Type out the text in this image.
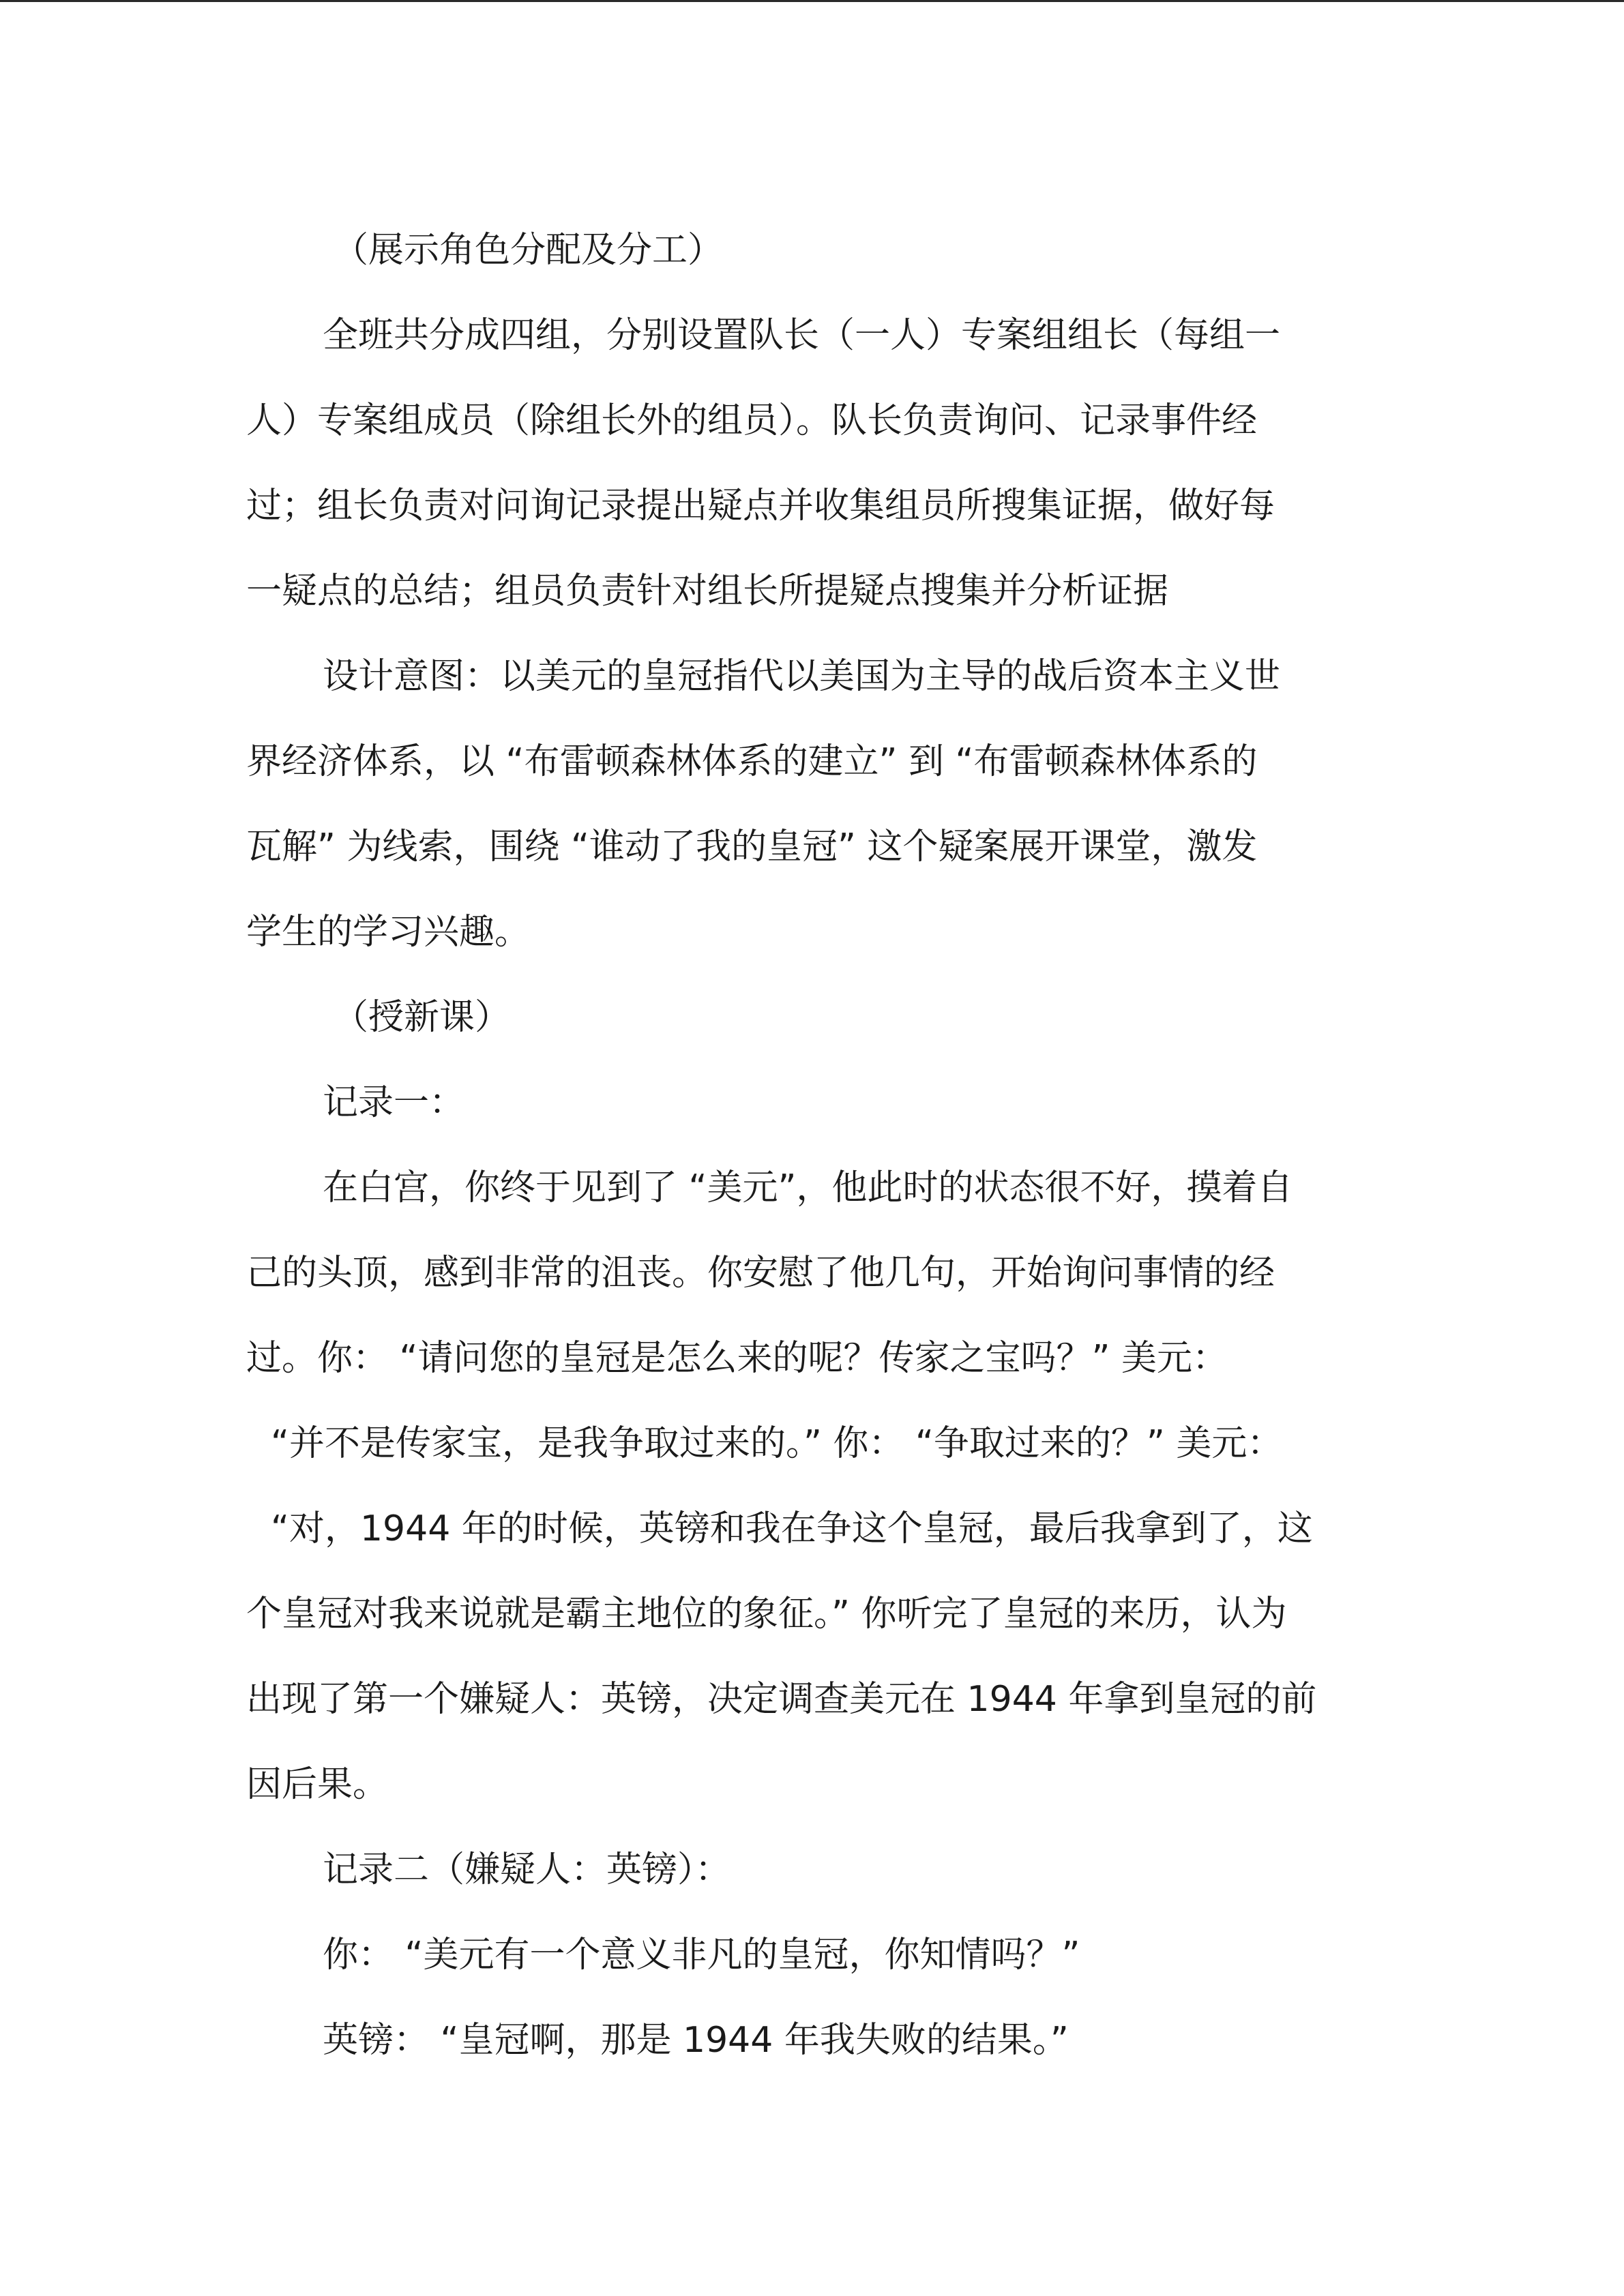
（展示角色分配及分工）
全班共分成四组，分别设置队长（一人）专案组组长（每组一
人）专案组成员（除组长外的组员）。队长负责询问、记录事件经
过；组长负责对问询记录提出疑点并收集组员所搜集证据，做好每
一疑点的总结；组员负责针对组长所提疑点搜集并分析证据
设计意图：以美元的皇冠指代以美国为主导的战后资本主义世
界经济体系，以 “布雷顿森林体系的建立” 到 “布雷顿森林体系的
瓦解” 为线索，围绕 “谁动了我的皇冠” 这个疑案展开课堂，激发
学生的学习兴趣。
（授新课）
记录一：
在白宫，你终于见到了 “美元”，他此时的状态很不好，摸着自
己的头顶，感到非常的沮丧。你安慰了他几句，开始询问事情的经
过。你： “请问您的皇冠是怎么来的呢？传家之宝吗？” 美元：
“并不是传家宝，是我争取过来的。” 你： “争取过来的？” 美元：
“对，1944 年的时候，英镑和我在争这个皇冠，最后我拿到了，这
个皇冠对我来说就是霸主地位的象征。” 你听完了皇冠的来历，认为
出现了第一个嫌疑人：英镑，决定调查美元在 1944 年拿到皇冠的前
因后果。
记录二（嫌疑人：英镑）：
你： “美元有一个意义非凡的皇冠，你知情吗？”
英镑： “皇冠啊，那是 1944 年我失败的结果。”
